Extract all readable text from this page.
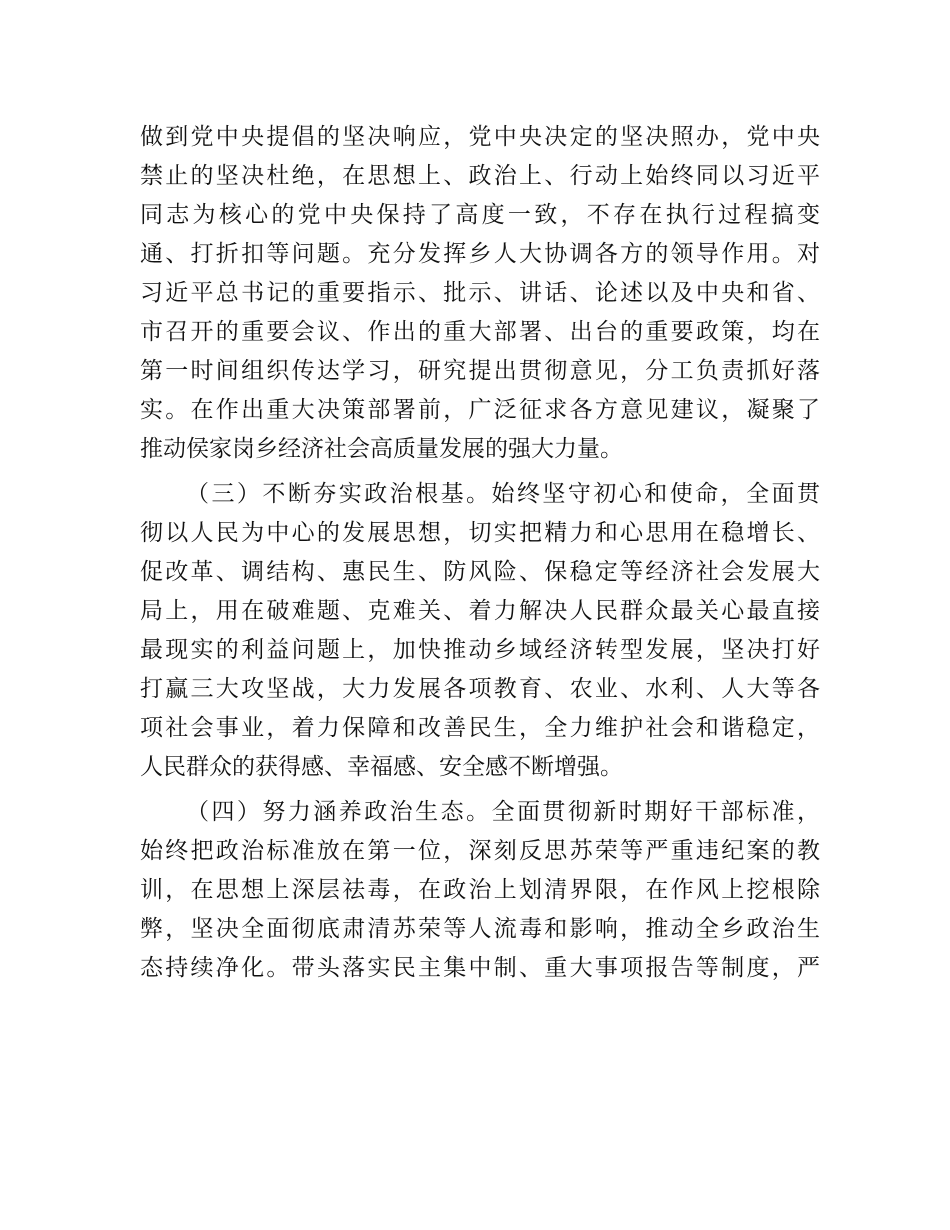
做到党中央提倡的坚决响应，党中央决定的坚决照办，党中央
禁止的坚决杜绝，在思想上、政治上、行动上始终同以习近平
同志为核心的党中央保持了高度一致，不存在执行过程搞变
通、打折扣等问题。充分发挥乡人大协调各方的领导作用。对
习近平总书记的重要指示、批示、讲话、论述以及中央和省、
市召开的重要会议、作出的重大部署、出台的重要政策，均在
第一时间组织传达学习，研究提出贯彻意见，分工负责抓好落
实。在作出重大决策部署前，广泛征求各方意见建议，凝聚了
推动侯家岗乡经济社会高质量发展的强大力量。
（三）不断夯实政治根基。始终坚守初心和使命，全面贯
彻以人民为中心的发展思想，切实把精力和心思用在稳增长、
促改革、调结构、惠民生、防风险、保稳定等经济社会发展大
局上，用在破难题、克难关、着力解决人民群众最关心最直接
最现实的利益问题上，加快推动乡域经济转型发展，坚决打好
打赢三大攻坚战，大力发展各项教育、农业、水利、人大等各
项社会事业，着力保障和改善民生，全力维护社会和谐稳定，
人民群众的获得感、幸福感、安全感不断增强。
（四）努力涵养政治生态。全面贯彻新时期好干部标准，
始终把政治标准放在第一位，深刻反思苏荣等严重违纪案的教
训，在思想上深层祛毒，在政治上划清界限，在作风上挖根除
弊，坚决全面彻底肃清苏荣等人流毒和影响，推动全乡政治生
态持续净化。带头落实民主集中制、重大事项报告等制度，严
